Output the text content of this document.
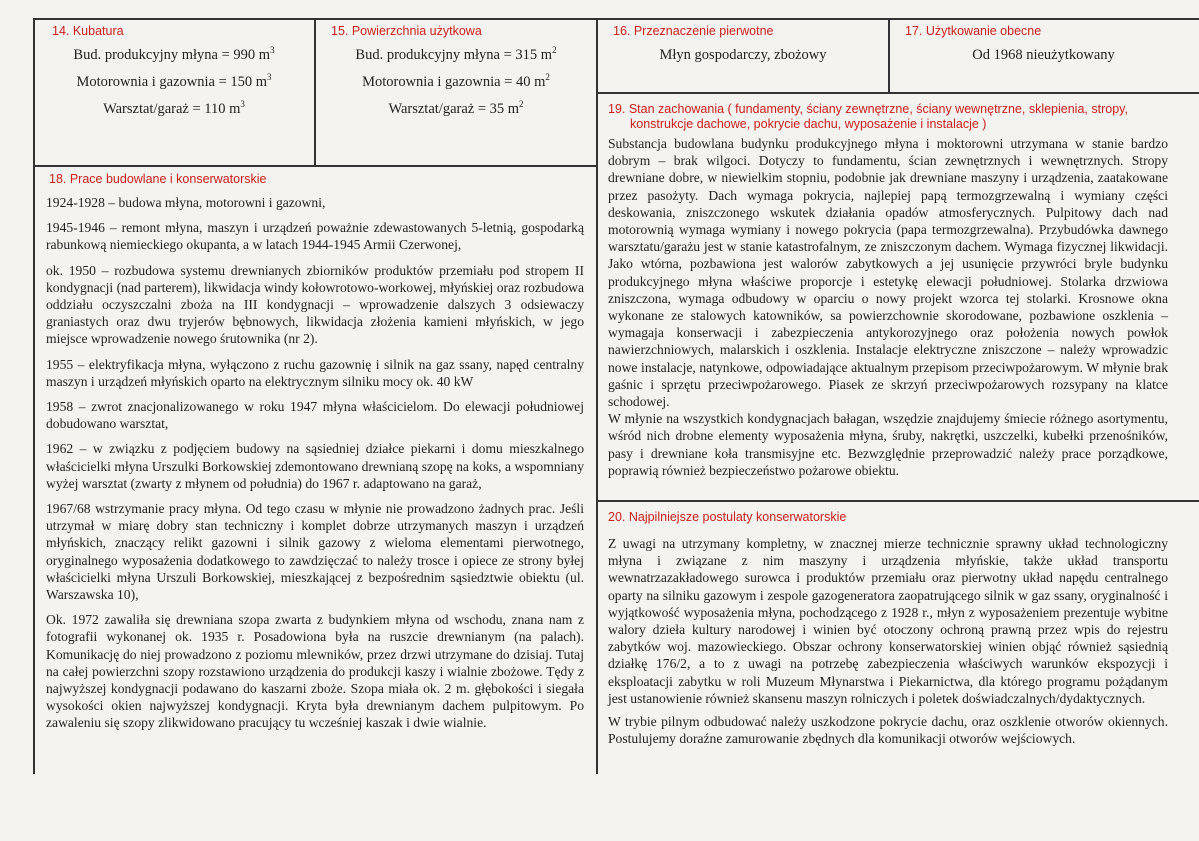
14. Kubatura
Bud. produkcyjny młyna = 990 $m^3$
Motorownia i gazownia = 150 $m^3$
Warsztat/garaż = 110 $m^3$
15. Powierzchnia użytkowa
Bud. produkcyjny młyna = 315 $m^2$
Motorownia i gazownia = 40 $m^2$
Warsztat/garaż = 35 $m^2$
16. Przeznaczenie pierwotne
Młyn gospodarczy, zbożowy
17. Użytkowanie obecne
Od 1968 nieużytkowany
18. Prace budowlane i konserwatorskie

1924-1928 – budowa młyna, motorowni i gazowni,

1945-1946 – remont młyna, maszyn i urządzeń poważnie zdewastowanych 5-letnią, gospodarką rabunkową niemieckiego okupanta, a w latach 1944-1945 Armii Czerwonej,

ok. 1950 – rozbudowa systemu drewnianych zbiorników produktów przemiału pod stropem II kondygnacji (nad parterem), likwidacja windy kołowrotowo-workowej, młyńskiej oraz rozbudowa oddziału oczyszczalni zboża na III kondygnacji – wprowadzenie dalszych 3 odsiewaczy graniastych oraz dwu tryjerów bębnowych, likwidacja złożenia kamieni młyńskich, w jego miejsce wprowadzenie nowego śrutownika (nr 2).

1955 – elektryfikacja młyna, wyłączono z ruchu gazownię i silnik na gaz ssany, napęd centralny maszyn i urządzeń młyńskich oparto na elektrycznym silniku mocy ok. 40 kW

1958 – zwrot znacjonalizowanego w roku 1947 młyna właścicielom. Do elewacji południowej dobudowano warsztat,

1962 – w związku z podjęciem budowy na sąsiedniej działce piekarni i domu mieszkalnego właścicielki młyna Urszulki Borkowskiej zdemontowano drewnianą szopę na koks, a wspomniany wyżej warsztat (zwarty z młynem od południa) do 1967 r. adaptowano na garaż,

1967/68 wstrzymanie pracy młyna. Od tego czasu w młynie nie prowadzono żadnych prac. Jeśli utrzymał w miarę dobry stan techniczny i komplet dobrze utrzymanych maszyn i urządzeń młyńskich, znaczący relikt gazowni i silnik gazowy z wieloma elementami pierwotnego, oryginalnego wyposażenia dodatkowego to zawdzięczać to należy trosce i opiece ze strony byłej właścicielki młyna Urszuli Borkowskiej, mieszkającej z bezpośrednim sąsiedztwie obiektu (ul. Warszawska 10),

Ok. 1972 zawaliła się drewniana szopa zwarta z budynkiem młyna od wschodu, znana nam z fotografii wykonanej ok. 1935 r. Posadowiona była na ruszcie drewnianym (na palach). Komunikację do niej prowadzono z poziomu mlewników, przez drzwi utrzymane do dzisiaj. Tutaj na całej powierzchni szopy rozstawiono urządzenia do produkcji kaszy i wialnie zbożowe. Tędy z najwyższej kondygnacji podawano do kaszarni zboże. Szopa miała ok. 2 m. głębokości i siegała wysokości okien najwyższej kondygnacji. Kryta była drewnianym dachem pulpitowym. Po zawaleniu się szopy zlikwidowano pracujący tu wcześniej kaszak i dwie wialnie.

19. Stan zachowania ( fundamenty, ściany zewnętrzne, ściany wewnętrzne, sklepienia, stropy,
konstrukcje dachowe, pokrycie dachu, wyposażenie i instalacje )

Substancja budowlana budynku produkcyjnego młyna i moktorowni utrzymana w stanie bardzo dobrym – brak wilgoci. Dotyczy to fundamentu, ścian zewnętrznych i wewnętrznych. Stropy drewniane dobre, w niewielkim stopniu, podobnie jak drewniane maszyny i urządzenia, zaatakowane przez pasożyty. Dach wymaga pokrycia, najlepiej papą termozgrzewalną i wymiany części deskowania, zniszczonego wskutek działania opadów atmosferycznych. Pulpitowy dach nad motorownią wymaga wymiany i nowego pokrycia (papa termozgrzewalna). Przybudówka dawnego warsztatu/garażu jest w stanie katastrofalnym, ze zniszczonym dachem. Wymaga fizycznej likwidacji. Jako wtórna, pozbawiona jest walorów zabytkowych a jej usunięcie przywróci bryle budynku produkcyjnego młyna właściwe proporcje i estetykę elewacji południowej. Stolarka drzwiowa zniszczona, wymaga odbudowy w oparciu o nowy projekt wzorca tej stolarki. Krosnowe okna wykonane ze stalowych katowników, sa powierzchownie skorodowane, pozbawione oszklenia – wymagaja konserwacji i zabezpieczenia antykorozyjnego oraz położenia nowych powłok nawierzchniowych, malarskich i oszklenia. Instalacje elektryczne zniszczone – należy wprowadzic nowe instalacje, natynkowe, odpowiadające aktualnym przepisom przeciwpożarowym. W młynie brak gaśnic i sprzętu przeciwpożarowego. Piasek ze skrzyń przeciwpożarowych rozsypany na klatce schodowej.

W młynie na wszystkich kondygnacjach bałagan, wszędzie znajdujemy śmiecie różnego asortymentu, wśród nich drobne elementy wyposażenia młyna, śruby, nakrętki, uszczelki, kubełki przenośników, pasy i drewniane koła transmisyjne etc. Bezwzględnie przeprowadzić należy prace porządkowe, poprawią również bezpieczeństwo pożarowe obiektu.

20. Najpilniejsze postulaty konserwatorskie

Z uwagi na utrzymany kompletny, w znacznej mierze technicznie sprawny układ technologiczny młyna i związane z nim maszyny i urządzenia młyńskie, także układ transportu wewnatrzazakładowego surowca i produktów przemiału oraz pierwotny układ napędu centralnego oparty na silniku gazowym i zespole gazogeneratora zaopatrującego silnik w gaz ssany, oryginalność i wyjątkowość wyposażenia młyna, pochodzącego z 1928 r., młyn z wyposażeniem prezentuje wybitne walory dzieła kultury narodowej i winien być otoczony ochroną prawną przez wpis do rejestru zabytków woj. mazowieckiego. Obszar ochrony konserwatorskiej winien objąć również sąsiednią działkę 176/2, a to z uwagi na potrzebę zabezpieczenia właściwych warunków ekspozycji i eksploatacji zabytku w roli Muzeum Młynarstwa i Piekarnictwa, dla którego programu pożądanym jest ustanowienie również skansenu maszyn rolniczych i poletek doświadczalnych/dydaktycznych.

W trybie pilnym odbudować należy uszkodzone pokrycie dachu, oraz oszklenie otworów okiennych. Postulujemy doraźne zamurowanie zbędnych dla komunikacji otworów wejściowych.
